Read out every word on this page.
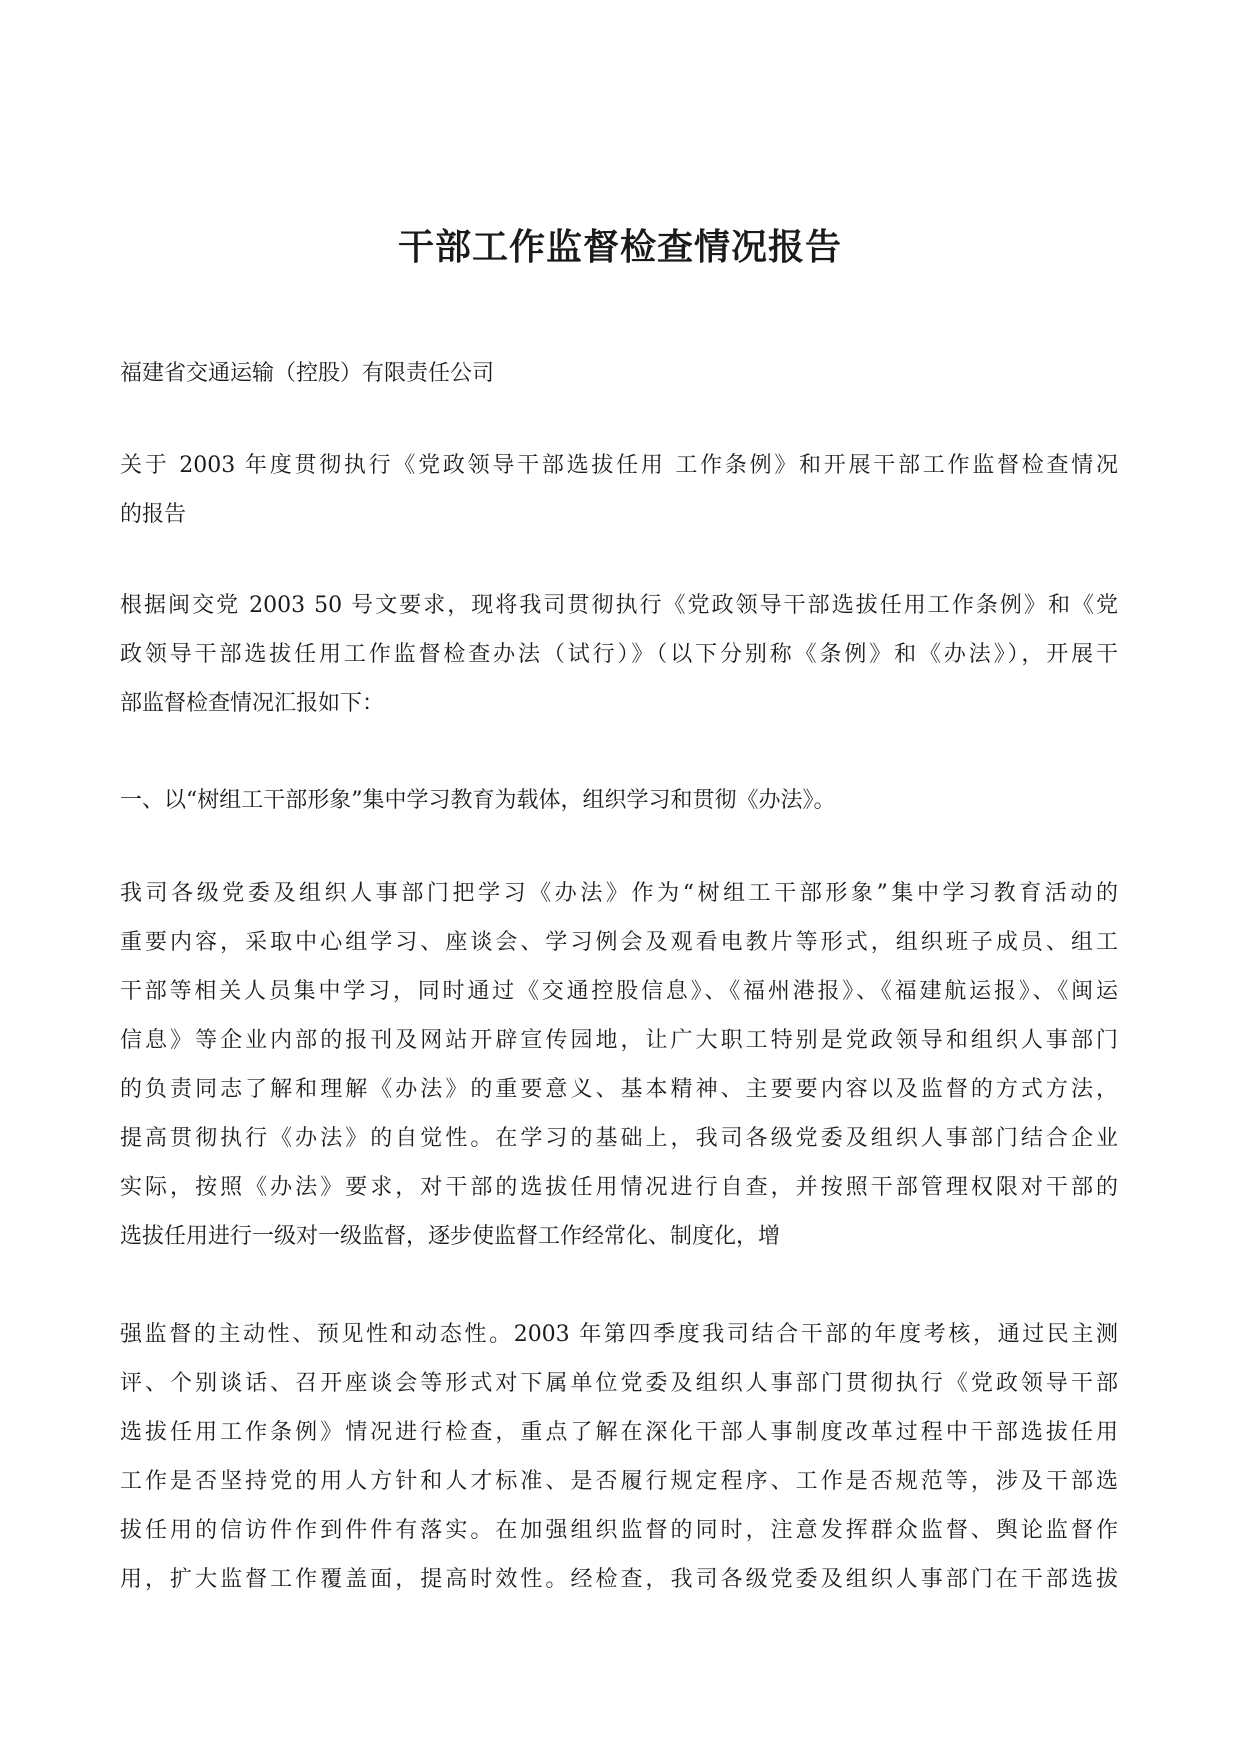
干部工作监督检查情况报告

福建省交通运输（控股）有限责任公司

关于 2003 年度贯彻执行《党政领导干部选拔任用 工作条例》和开展干部工作监督检查情况
的报告

根据闽交党 2003 50 号文要求，现将我司贯彻执行《党政领导干部选拔任用工作条例》和《党
政领导干部选拔任用工作监督检查办法（试行）》（以下分别称《条例》和《办法》），开展干
部监督检查情况汇报如下：

一、以“树组工干部形象”集中学习教育为载体，组织学习和贯彻《办法》。

我司各级党委及组织人事部门把学习《办法》作为“树组工干部形象”集中学习教育活动的
重要内容，采取中心组学习、座谈会、学习例会及观看电教片等形式，组织班子成员、组工
干部等相关人员集中学习，同时通过《交通控股信息》、《福州港报》、《福建航运报》、《闽运
信息》等企业内部的报刊及网站开辟宣传园地，让广大职工特别是党政领导和组织人事部门
的负责同志了解和理解《办法》的重要意义、基本精神、主要要内容以及监督的方式方法，
提高贯彻执行《办法》的自觉性。在学习的基础上，我司各级党委及组织人事部门结合企业
实际，按照《办法》要求，对干部的选拔任用情况进行自查，并按照干部管理权限对干部的
选拔任用进行一级对一级监督，逐步使监督工作经常化、制度化，增

强监督的主动性、预见性和动态性。2003 年第四季度我司结合干部的年度考核，通过民主测
评、个别谈话、召开座谈会等形式对下属单位党委及组织人事部门贯彻执行《党政领导干部
选拔任用工作条例》情况进行检查，重点了解在深化干部人事制度改革过程中干部选拔任用
工作是否坚持党的用人方针和人才标准、是否履行规定程序、工作是否规范等，涉及干部选
拔任用的信访件作到件件有落实。在加强组织监督的同时，注意发挥群众监督、舆论监督作
用，扩大监督工作覆盖面，提高时效性。经检查，我司各级党委及组织人事部门在干部选拔
